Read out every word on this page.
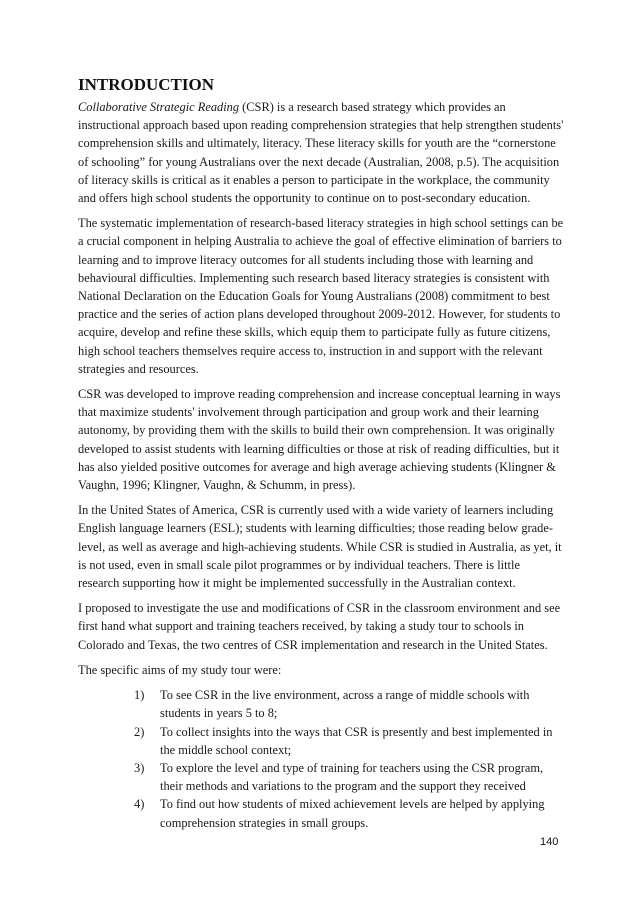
INTRODUCTION

Collaborative Strategic Reading (CSR) is a research based strategy which provides an instructional approach based upon reading comprehension strategies that help strengthen students' comprehension skills and ultimately, literacy. These literacy skills for youth are the “cornerstone of schooling” for young Australians over the next decade (Australian, 2008, p.5). The acquisition of literacy skills is critical as it enables a person to participate in the workplace, the community and offers high school students the opportunity to continue on to post-secondary education.

The systematic implementation of research-based literacy strategies in high school settings can be a crucial component in helping Australia to achieve the goal of effective elimination of barriers to learning and to improve literacy outcomes for all students including those with learning and behavioural difficulties. Implementing such research based literacy strategies is consistent with National Declaration on the Education Goals for Young Australians (2008) commitment to best practice and the series of action plans developed throughout 2009-2012. However, for students to acquire, develop and refine these skills, which equip them to participate fully as future citizens, high school teachers themselves require access to, instruction in and support with the relevant strategies and resources.

CSR was developed to improve reading comprehension and increase conceptual learning in ways that maximize students' involvement through participation and group work and their learning autonomy, by providing them with the skills to build their own comprehension. It was originally developed to assist students with learning difficulties or those at risk of reading difficulties, but it has also yielded positive outcomes for average and high average achieving students (Klingner & Vaughn, 1996; Klingner, Vaughn, & Schumm, in press).

In the United States of America, CSR is currently used with a wide variety of learners including English language learners (ESL); students with learning difficulties; those reading below grade-level, as well as average and high-achieving students. While CSR is studied in Australia, as yet, it is not used, even in small scale pilot programmes or by individual teachers. There is little research supporting how it might be implemented successfully in the Australian context.

I proposed to investigate the use and modifications of CSR in the classroom environment and see first hand what support and training teachers received, by taking a study tour to schools in Colorado and Texas, the two centres of CSR implementation and research in the United States.

The specific aims of my study tour were:

1) To see CSR in the live environment, across a range of middle schools with students in years 5 to 8;
2) To collect insights into the ways that CSR is presently and best implemented in the middle school context;
3) To explore the level and type of training for teachers using the CSR program, their methods and variations to the program and the support they received
4) To find out how students of mixed achievement levels are helped by applying comprehension strategies in small groups.
140
